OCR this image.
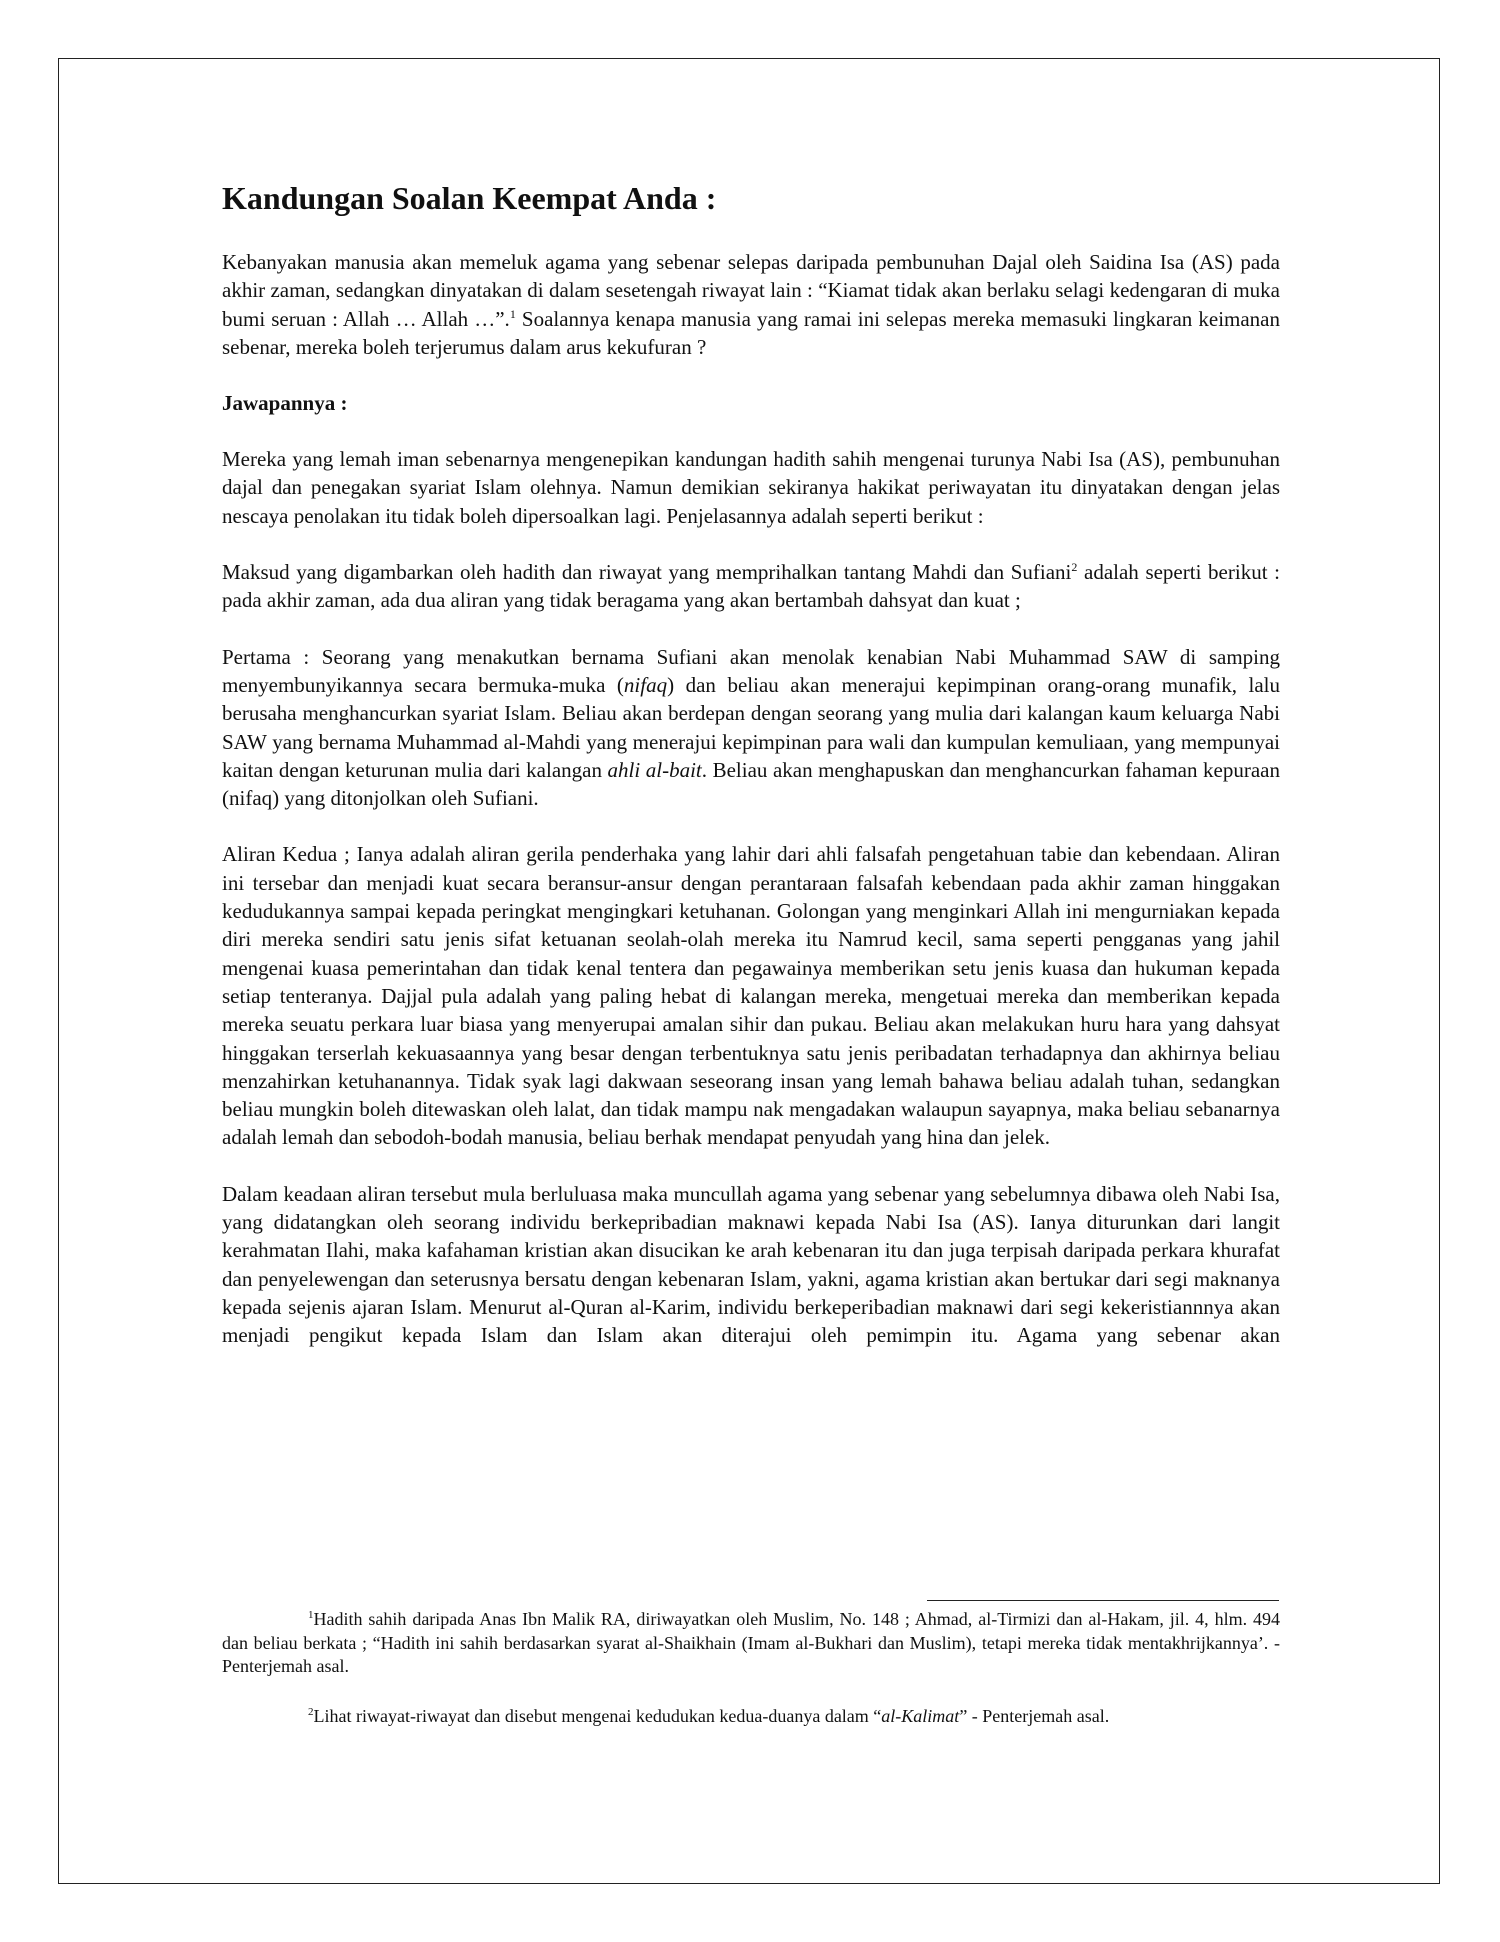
Kandungan Soalan Keempat Anda :

Kebanyakan manusia akan memeluk agama yang sebenar selepas daripada pembunuhan Dajal oleh Saidina Isa (AS) pada akhir zaman, sedangkan dinyatakan di dalam sesetengah riwayat lain : “Kiamat tidak akan berlaku selagi kedengaran di muka bumi seruan : Allah … Allah …”.$^1$ Soalannya kenapa manusia yang ramai ini selepas mereka memasuki lingkaran keimanan sebenar, mereka boleh terjerumus dalam arus kekufuran ?

Jawapannya :

Mereka yang lemah iman sebenarnya mengenepikan kandungan hadith sahih mengenai turunya Nabi Isa (AS), pembunuhan dajal dan penegakan syariat Islam olehnya. Namun demikian sekiranya hakikat periwayatan itu dinyatakan dengan jelas nescaya penolakan itu tidak boleh dipersoalkan lagi. Penjelasannya adalah seperti berikut :

Maksud yang digambarkan oleh hadith dan riwayat yang memprihalkan tantang Mahdi dan Sufiani$^2$ adalah seperti berikut : pada akhir zaman, ada dua aliran yang tidak beragama yang akan bertambah dahsyat dan kuat ;

Pertama : Seorang yang menakutkan bernama Sufiani akan menolak kenabian Nabi Muhammad SAW di samping menyembunyikannya secara bermuka-muka (nifaq) dan beliau akan menerajui kepimpinan orang-orang munafik, lalu berusaha menghancurkan syariat Islam. Beliau akan berdepan dengan seorang yang mulia dari kalangan kaum keluarga Nabi SAW yang bernama Muhammad al-Mahdi yang menerajui kepimpinan para wali dan kumpulan kemuliaan, yang mempunyai kaitan dengan keturunan mulia dari kalangan ahli al-bait. Beliau akan menghapuskan dan menghancurkan fahaman kepuraan (nifaq) yang ditonjolkan oleh Sufiani.

Aliran Kedua ; Ianya adalah aliran gerila penderhaka yang lahir dari ahli falsafah pengetahuan tabie dan kebendaan. Aliran ini tersebar dan menjadi kuat secara beransur-ansur dengan perantaraan falsafah kebendaan pada akhir zaman hinggakan kedudukannya sampai kepada peringkat mengingkari ketuhanan. Golongan yang menginkari Allah ini mengurniakan kepada diri mereka sendiri satu jenis sifat ketuanan seolah-olah mereka itu Namrud kecil, sama seperti pengganas yang jahil mengenai kuasa pemerintahan dan tidak kenal tentera dan pegawainya memberikan setu jenis kuasa dan hukuman kepada setiap tenteranya. Dajjal pula adalah yang paling hebat di kalangan mereka, mengetuai mereka dan memberikan kepada mereka seuatu perkara luar biasa yang menyerupai amalan sihir dan pukau. Beliau akan melakukan huru hara yang dahsyat hinggakan terserlah kekuasaannya yang besar dengan terbentuknya satu jenis peribadatan terhadapnya dan akhirnya beliau menzahirkan ketuhanannya. Tidak syak lagi dakwaan seseorang insan yang lemah bahawa beliau adalah tuhan, sedangkan beliau mungkin boleh ditewaskan oleh lalat, dan tidak mampu nak mengadakan walaupun sayapnya, maka beliau sebanarnya adalah lemah dan sebodoh-bodah manusia, beliau berhak mendapat penyudah yang hina dan jelek.

Dalam keadaan aliran tersebut mula berluluasa maka muncullah agama yang sebenar yang sebelumnya dibawa oleh Nabi Isa, yang didatangkan oleh seorang individu berkepribadian maknawi kepada Nabi Isa (AS). Ianya diturunkan dari langit kerahmatan Ilahi, maka kafahaman kristian akan disucikan ke arah kebenaran itu dan juga terpisah daripada perkara khurafat dan penyelewengan dan seterusnya bersatu dengan kebenaran Islam, yakni, agama kristian akan bertukar dari segi maknanya kepada sejenis ajaran Islam. Menurut al-Quran al-Karim, individu berkeperibadian maknawi dari segi kekeristiannnya akan menjadi pengikut kepada Islam dan Islam akan diterajui oleh pemimpin itu. Agama yang sebenar akan

$^1$Hadith sahih daripada Anas Ibn Malik RA, diriwayatkan oleh Muslim, No. 148 ; Ahmad, al-Tirmizi dan al-Hakam, jil. 4, hlm. 494 dan beliau berkata ; “Hadith ini sahih berdasarkan syarat al-Shaikhain (Imam al-Bukhari dan Muslim), tetapi mereka tidak mentakhrijkannya’. - Penterjemah asal.

$^2$Lihat riwayat-riwayat dan disebut mengenai kedudukan kedua-duanya dalam “al-Kalimat” - Penterjemah asal.
